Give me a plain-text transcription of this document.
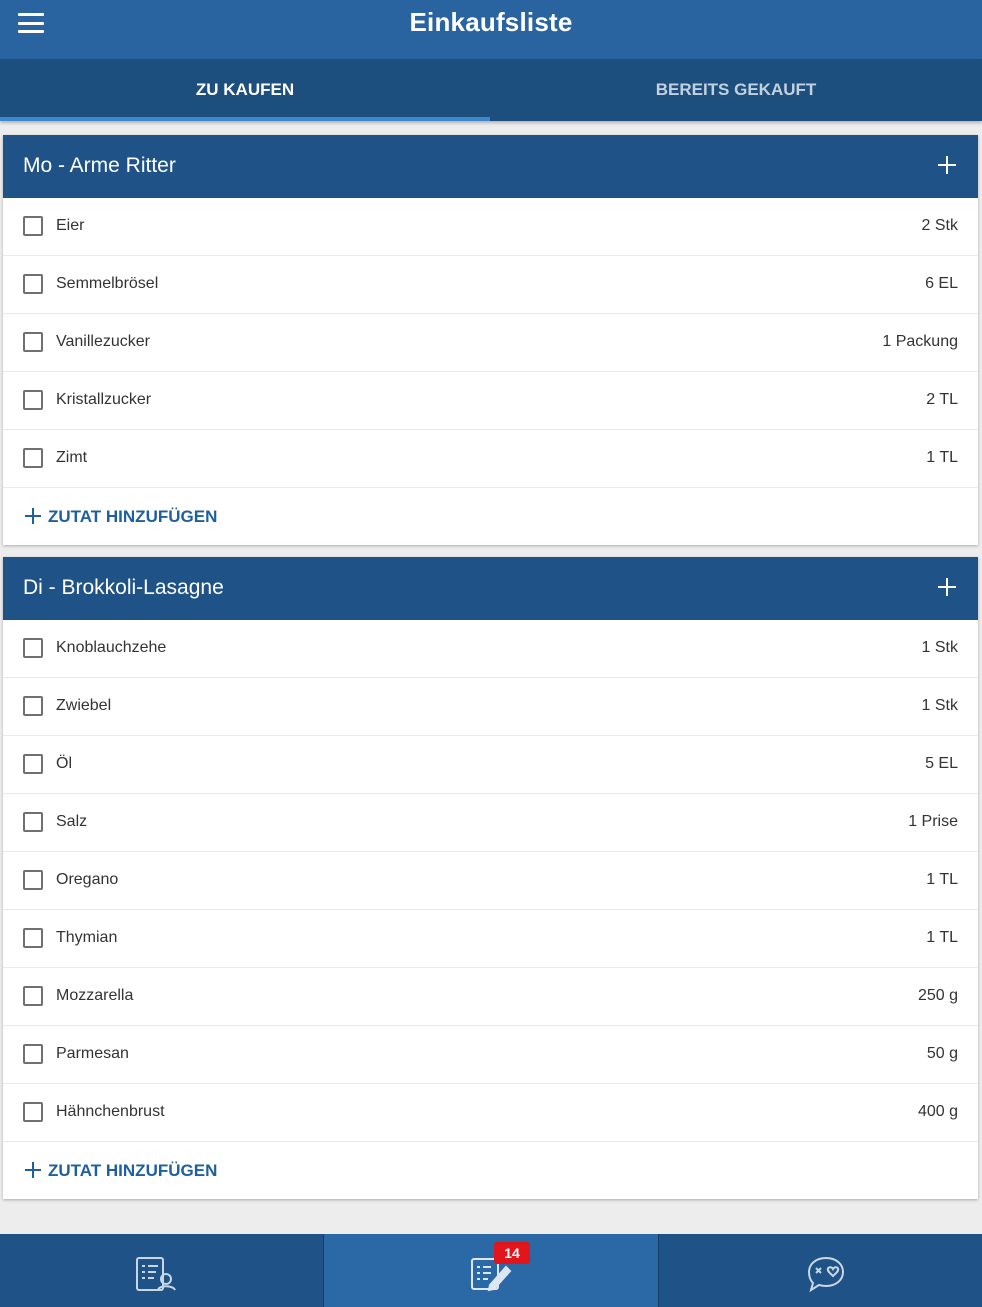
Einkaufsliste
ZU KAUFEN	BEREITS GEKAUFT
Mo - Arme Ritter
Eier	2 Stk
Semmelbrösel	6 EL
Vanillezucker	1 Packung
Kristallzucker	2 TL
Zimt	1 TL
ZUTAT HINZUFÜGEN
Di - Brokkoli-Lasagne
Knoblauchzehe	1 Stk
Zwiebel	1 Stk
Öl	5 EL
Salz	1 Prise
Oregano	1 TL
Thymian	1 TL
Mozzarella	250 g
Parmesan	50 g
Hähnchenbrust	400 g
ZUTAT HINZUFÜGEN
14
